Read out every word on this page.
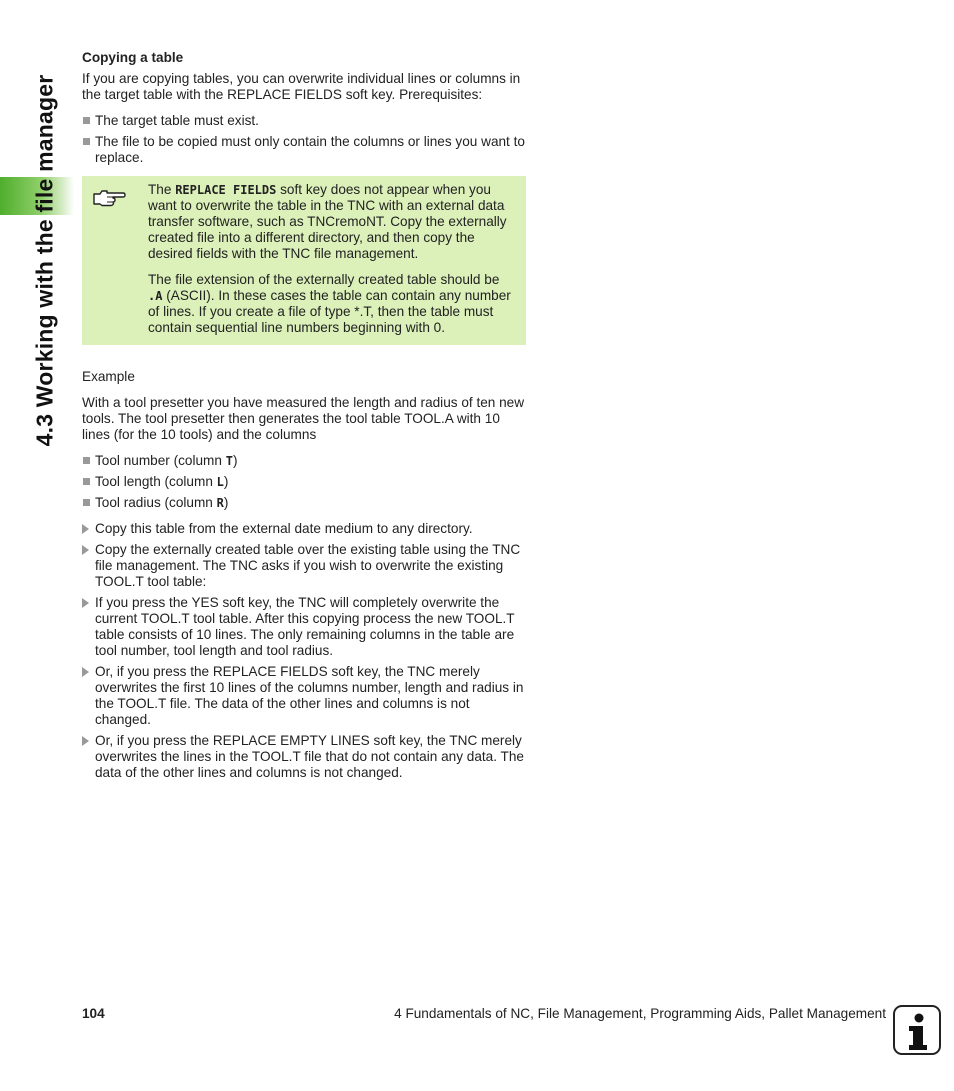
4.3 Working with the file manager

Copying a table

If you are copying tables, you can overwrite individual lines or columns in the target table with the REPLACE FIELDS soft key. Prerequisites:

The target table must exist.
The file to be copied must only contain the columns or lines you want to replace.

The REPLACE FIELDS soft key does not appear when you want to overwrite the table in the TNC with an external data transfer software, such as TNCremoNT. Copy the externally created file into a different directory, and then copy the desired fields with the TNC file management.

The file extension of the externally created table should be .A (ASCII). In these cases the table can contain any number of lines. If you create a file of type *.T, then the table must contain sequential line numbers beginning with 0.

Example

With a tool presetter you have measured the length and radius of ten new tools. The tool presetter then generates the tool table TOOL.A with 10 lines (for the 10 tools) and the columns

Tool number (column T)
Tool length (column L)
Tool radius (column R)
Copy this table from the external date medium to any directory.
Copy the externally created table over the existing table using the TNC file management. The TNC asks if you wish to overwrite the existing TOOL.T tool table:
If you press the YES soft key, the TNC will completely overwrite the current TOOL.T tool table. After this copying process the new TOOL.T table consists of 10 lines. The only remaining columns in the table are tool number, tool length and tool radius.
Or, if you press the REPLACE FIELDS soft key, the TNC merely overwrites the first 10 lines of the columns number, length and radius in the TOOL.T file. The data of the other lines and columns is not changed.
Or, if you press the REPLACE EMPTY LINES soft key, the TNC merely overwrites the lines in the TOOL.T file that do not contain any data. The data of the other lines and columns is not changed.
104	4 Fundamentals of NC, File Management, Programming Aids, Pallet Management
